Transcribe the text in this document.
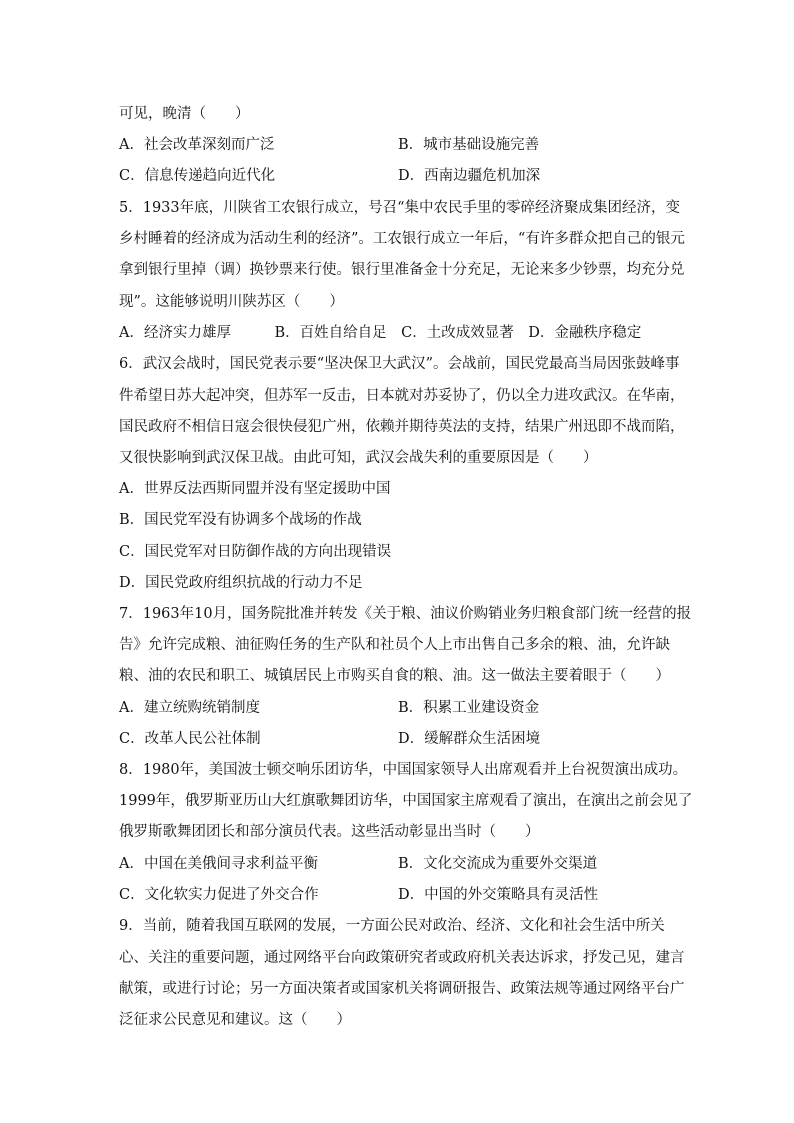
可见，晚清（　　）
A．社会改革深刻而广泛	B．城市基础设施完善
C．信息传递趋向近代化	D．西南边疆危机加深
5．1933年底，川陕省工农银行成立，号召“集中农民手里的零碎经济聚成集团经济，变
乡村睡着的经济成为活动生利的经济”。工农银行成立一年后，“有许多群众把自己的银元
拿到银行里掉（调）换钞票来行使。银行里准备金十分充足，无论来多少钞票，均充分兑
现”。这能够说明川陕苏区（　　）
A．经济实力雄厚　　　B．百姓自给自足　C．土改成效显著　D．金融秩序稳定
6．武汉会战时，国民党表示要“坚决保卫大武汉”。会战前，国民党最高当局因张鼓峰事
件希望日苏大起冲突，但苏军一反击，日本就对苏妥协了，仍以全力进攻武汉。在华南，
国民政府不相信日寇会很快侵犯广州，依赖并期待英法的支持，结果广州迅即不战而陷，
又很快影响到武汉保卫战。由此可知，武汉会战失利的重要原因是（　　）
A．世界反法西斯同盟并没有坚定援助中国
B．国民党军没有协调多个战场的作战
C．国民党军对日防御作战的方向出现错误
D．国民党政府组织抗战的行动力不足
7．1963年10月，国务院批准并转发《关于粮、油议价购销业务归粮食部门统一经营的报
告》允许完成粮、油征购任务的生产队和社员个人上市出售自己多余的粮、油，允许缺
粮、油的农民和职工、城镇居民上市购买自食的粮、油。这一做法主要着眼于（　　）
A．建立统购统销制度	B．积累工业建设资金
C．改革人民公社体制	D．缓解群众生活困境
8．1980年，美国波士顿交响乐团访华，中国国家领导人出席观看并上台祝贺演出成功。
1999年，俄罗斯亚历山大红旗歌舞团访华，中国国家主席观看了演出，在演出之前会见了
俄罗斯歌舞团团长和部分演员代表。这些活动彰显出当时（　　）
A．中国在美俄间寻求利益平衡	B．文化交流成为重要外交渠道
C．文化软实力促进了外交合作	D．中国的外交策略具有灵活性
9．当前，随着我国互联网的发展，一方面公民对政治、经济、文化和社会生活中所关
心、关注的重要问题，通过网络平台向政策研究者或政府机关表达诉求，抒发己见，建言
献策，或进行讨论；另一方面决策者或国家机关将调研报告、政策法规等通过网络平台广
泛征求公民意见和建议。这（　　）
